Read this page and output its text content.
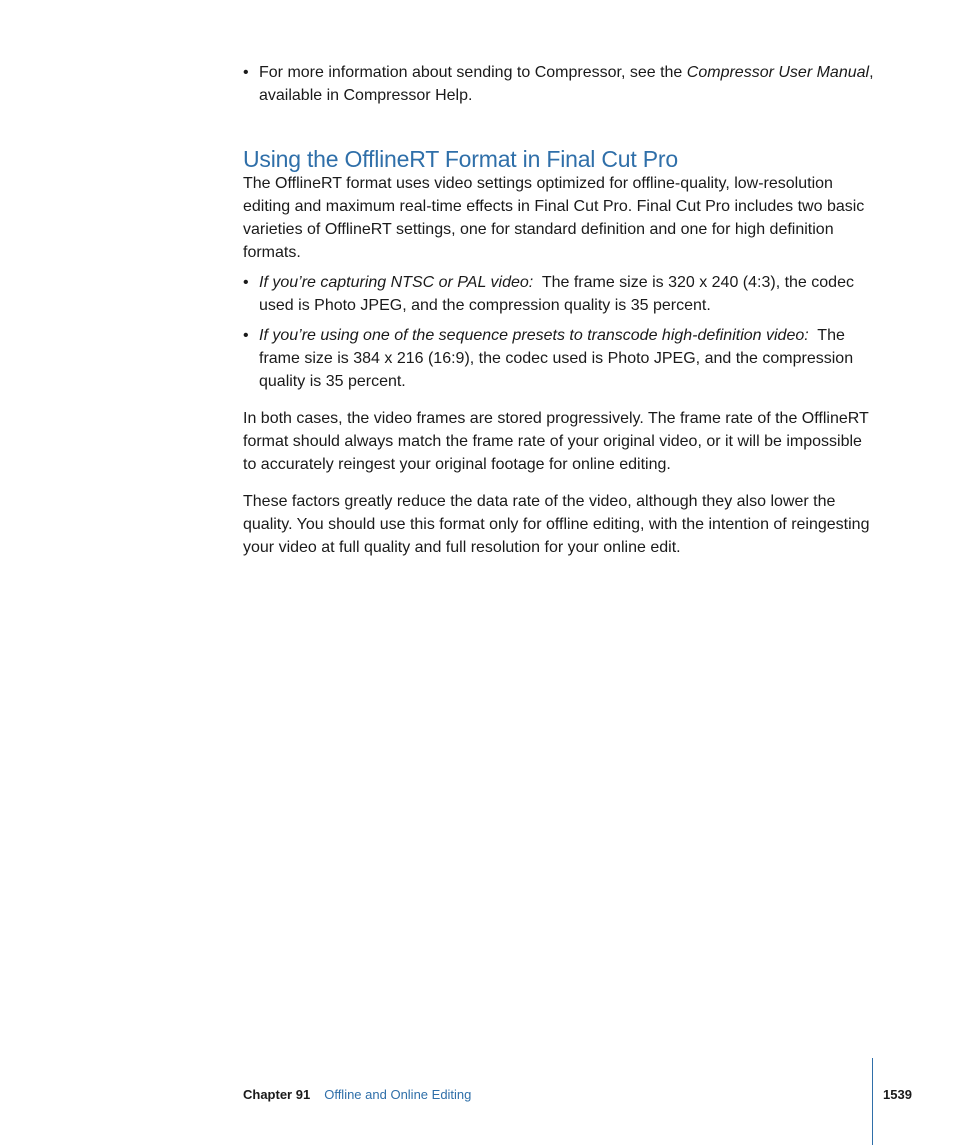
• For more information about sending to Compressor, see the Compressor User Manual, available in Compressor Help.
Using the OfflineRT Format in Final Cut Pro

The OfflineRT format uses video settings optimized for offline-quality, low-resolution editing and maximum real-time effects in Final Cut Pro. Final Cut Pro includes two basic varieties of OfflineRT settings, one for standard definition and one for high definition formats.

• If you’re capturing NTSC or PAL video: The frame size is 320 x 240 (4:3), the codec used is Photo JPEG, and the compression quality is 35 percent.
• If you’re using one of the sequence presets to transcode high-definition video: The frame size is 384 x 216 (16:9), the codec used is Photo JPEG, and the compression quality is 35 percent.

In both cases, the video frames are stored progressively. The frame rate of the OfflineRT format should always match the frame rate of your original video, or it will be impossible to accurately reingest your original footage for online editing.

These factors greatly reduce the data rate of the video, although they also lower the quality. You should use this format only for offline editing, with the intention of reingesting your video at full quality and full resolution for your online edit.

Chapter 91 Offline and Online Editing	1539
